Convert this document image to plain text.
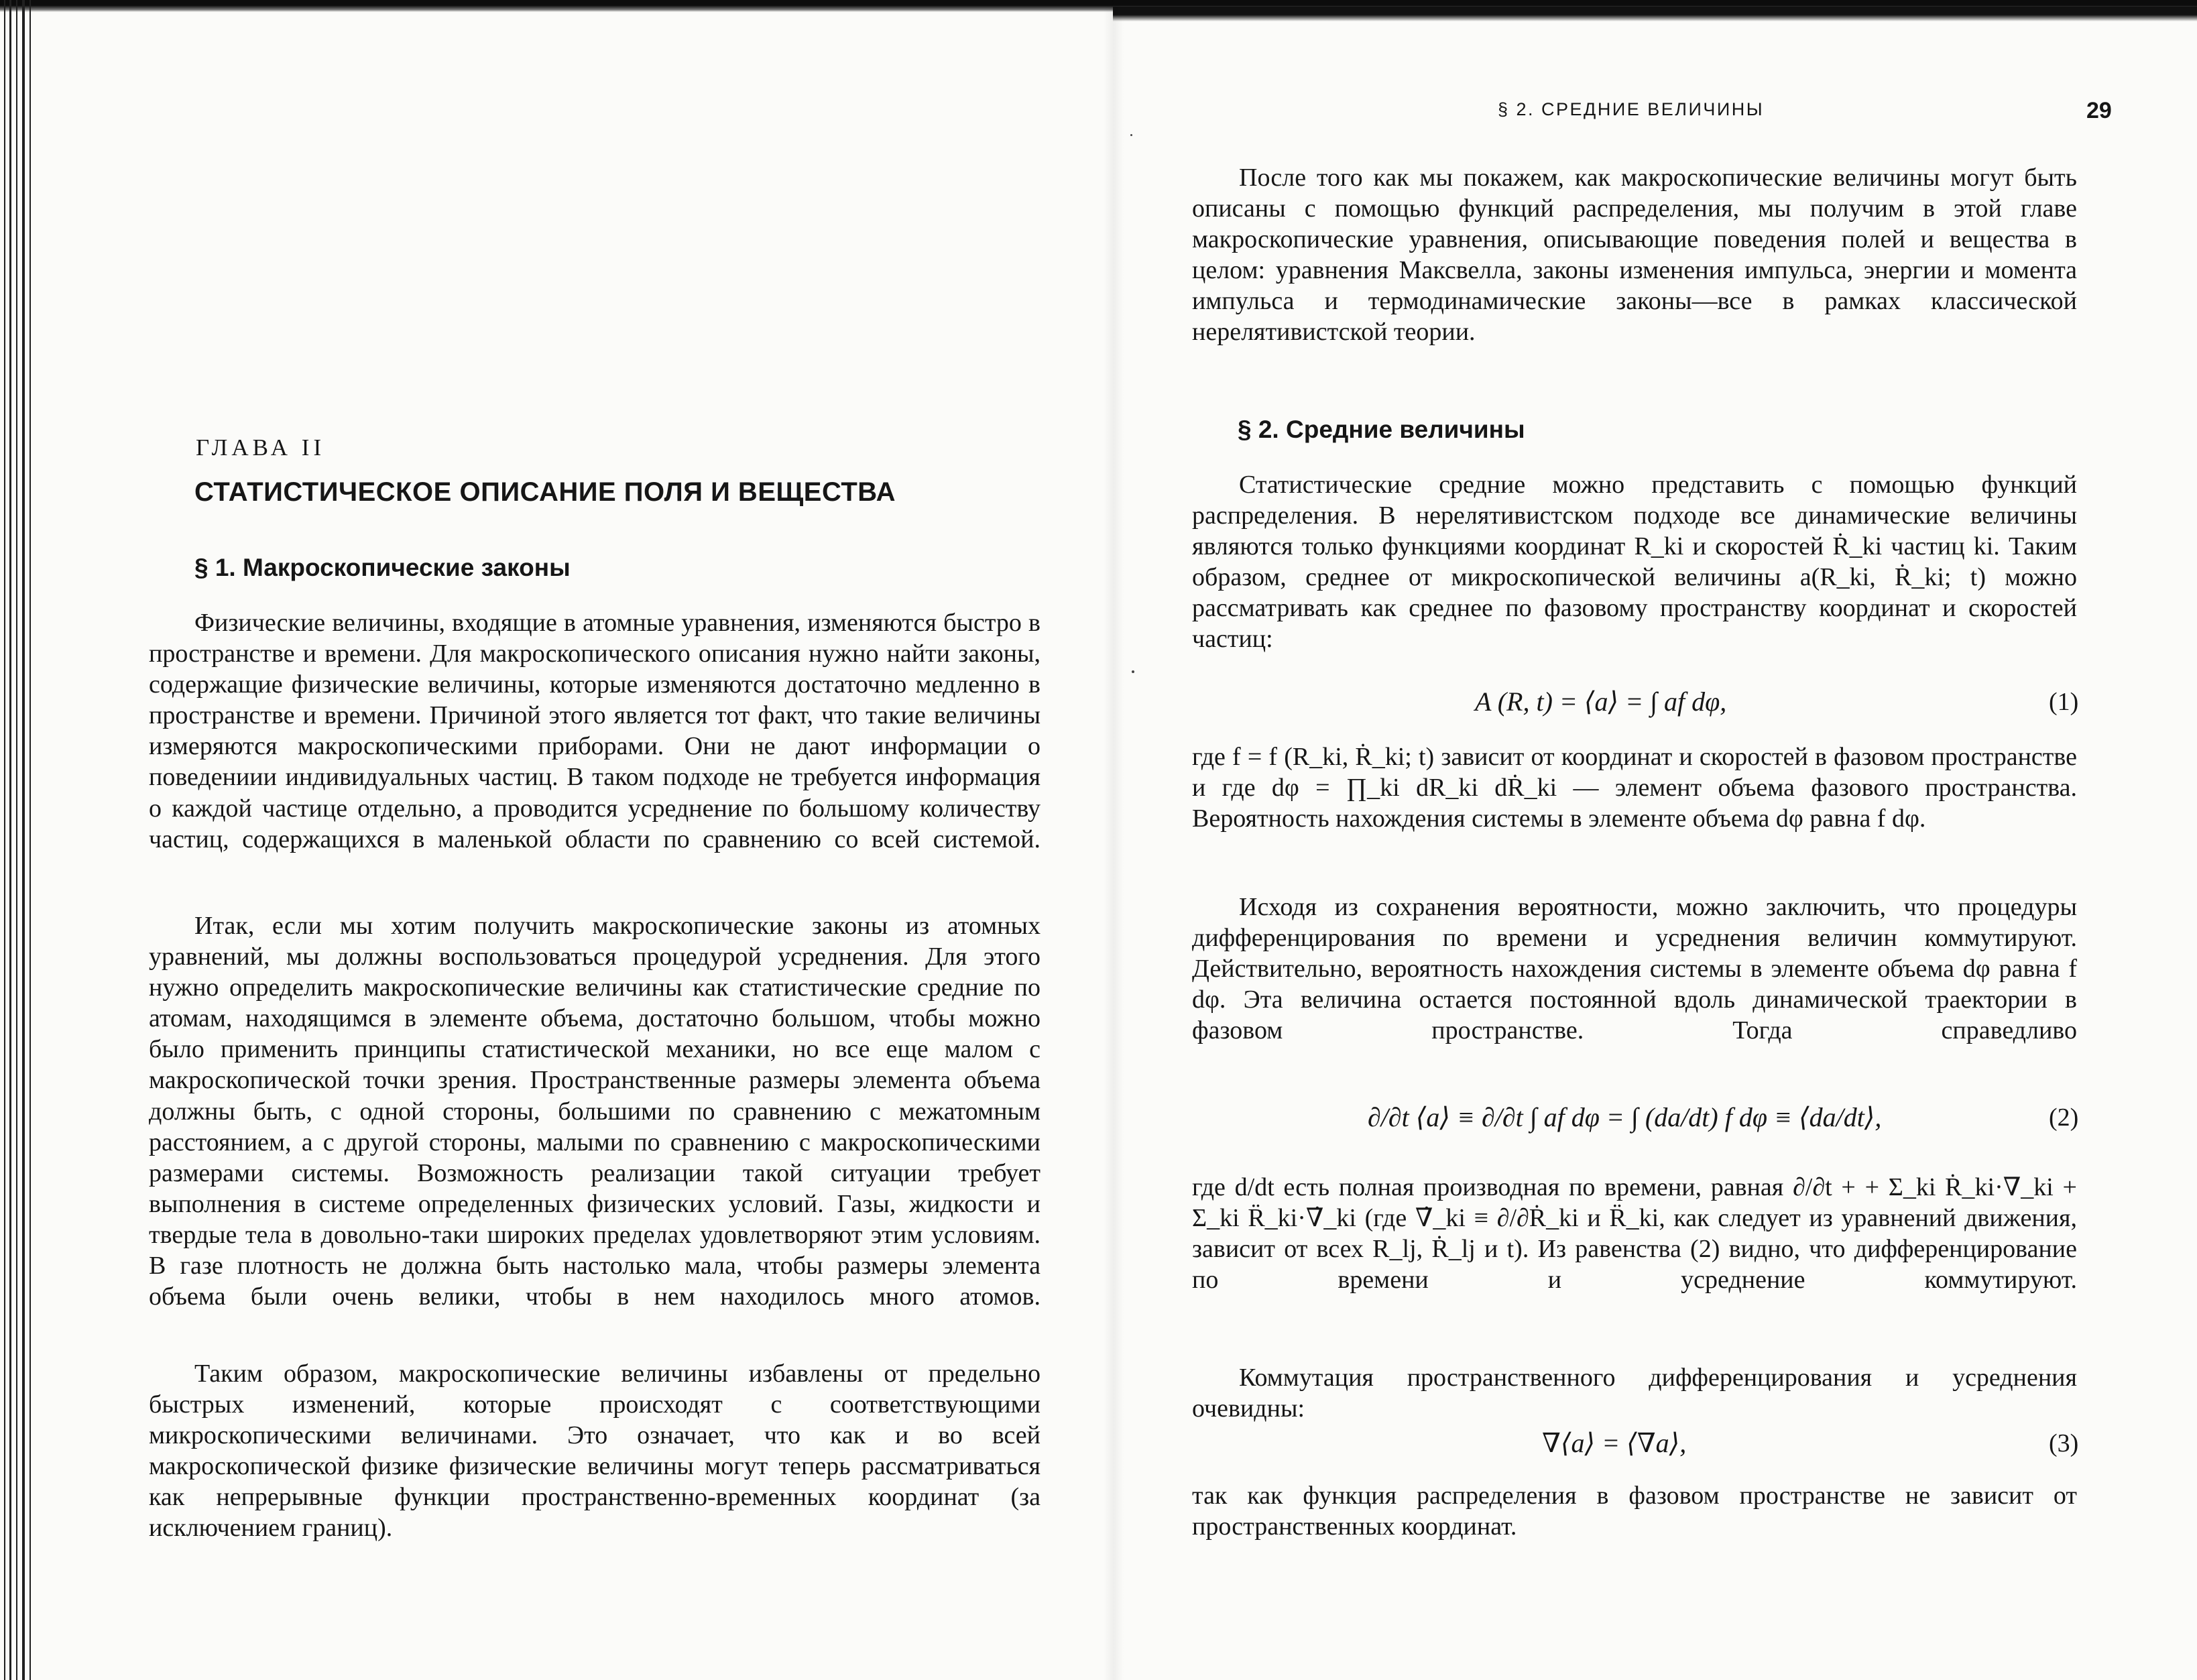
ГЛАВА II
СТАТИСТИЧЕСКОЕ ОПИСАНИЕ ПОЛЯ И ВЕЩЕСТВА
§ 1. Макроскопические законы

Физические величины, входящие в атомные уравнения, изменяются быстро в пространстве и времени. Для макроскопического описания нужно найти законы, содержащие физические величины, которые изменяются достаточно медленно в пространстве и времени. Причиной этого является тот факт, что такие величины измеряются макроскопическими приборами. Они не дают информации о поведениии индивидуальных частиц. В таком подходе не требуется информация о каждой частице отдельно, а проводится усреднение по большому количеству частиц, содержащихся в маленькой области по сравнению со всей системой.

Итак, если мы хотим получить макроскопические законы из атомных уравнений, мы должны воспользоваться процедурой усреднения. Для этого нужно определить макроскопические величины как статистические средние по атомам, находящимся в элементе объема, достаточно большом, чтобы можно было применить принципы статистической механики, но все еще малом с макроскопической точки зрения. Пространственные размеры элемента объема должны быть, с одной стороны, большими по сравнению с межатомным расстоянием, а с другой стороны, малыми по сравнению с макроскопическими размерами системы. Возможность реализации такой ситуации требует выполнения в системе определенных физических условий. Газы, жидкости и твердые тела в довольно-таки широких пределах удовлетворяют этим условиям. В газе плотность не должна быть настолько мала, чтобы размеры элемента объема были очень велики, чтобы в нем находилось много атомов.

Таким образом, макроскопические величины избавлены от предельно быстрых изменений, которые происходят с соответствующими микроскопическими величинами. Это означает, что как и во всей макроскопической физике физические величины могут теперь рассматриваться как непрерывные функции пространственно-временных координат (за исключением границ).

§ 2. СРЕДНИЕ ВЕЛИЧИНЫ	29

После того как мы покажем, как макроскопические величины могут быть описаны с помощью функций распределения, мы получим в этой главе макроскопические уравнения, описывающие поведения полей и вещества в целом: уравнения Максвелла, законы изменения импульса, энергии и момента импульса и термодинамические законы—все в рамках классической нерелятивистской теории.

§ 2. Средние величины

Статистические средние можно представить с помощью функций распределения. В нерелятивистском подходе все динамические величины являются только функциями координат R_ki и скоростей Ṙ_ki частиц ki. Таким образом, среднее от микроскопической величины a(R_ki, Ṙ_ki; t) можно рассматривать как среднее по фазовому пространству координат и скоростей частиц:

A (R, t) = ⟨a⟩ = ∫ af dφ,	(1)

где f = f (R_ki, Ṙ_ki; t) зависит от координат и скоростей в фазовом пространстве и где dφ = ∏_ki dR_ki dṘ_ki — элемент объема фазового пространства. Вероятность нахождения системы в элементе объема dφ равна f dφ.

Исходя из сохранения вероятности, можно заключить, что процедуры дифференцирования по времени и усреднения величин коммутируют. Действительно, вероятность нахождения системы в элементе объема dφ равна f dφ. Эта величина остается постоянной вдоль динамической траектории в фазовом пространстве. Тогда справедливо

∂/∂t ⟨a⟩ ≡ ∂/∂t ∫ af dφ = ∫ (da/dt) f dφ ≡ ⟨da/dt⟩,	(2)

где d/dt есть полная производная по времени, равная ∂/∂t + + Σ_ki Ṙ_ki·∇_ki + Σ_ki R̈_ki·∇̇_ki (где ∇̇_ki ≡ ∂/∂Ṙ_ki и R̈_ki, как следует из уравнений движения, зависит от всех R_lj, Ṙ_lj и t). Из равенства (2) видно, что дифференцирование по времени и усреднение коммутируют.

Коммутация пространственного дифференцирования и усреднения очевидны:

∇⟨a⟩ = ⟨∇a⟩,	(3)

так как функция распределения в фазовом пространстве не зависит от пространственных координат.
